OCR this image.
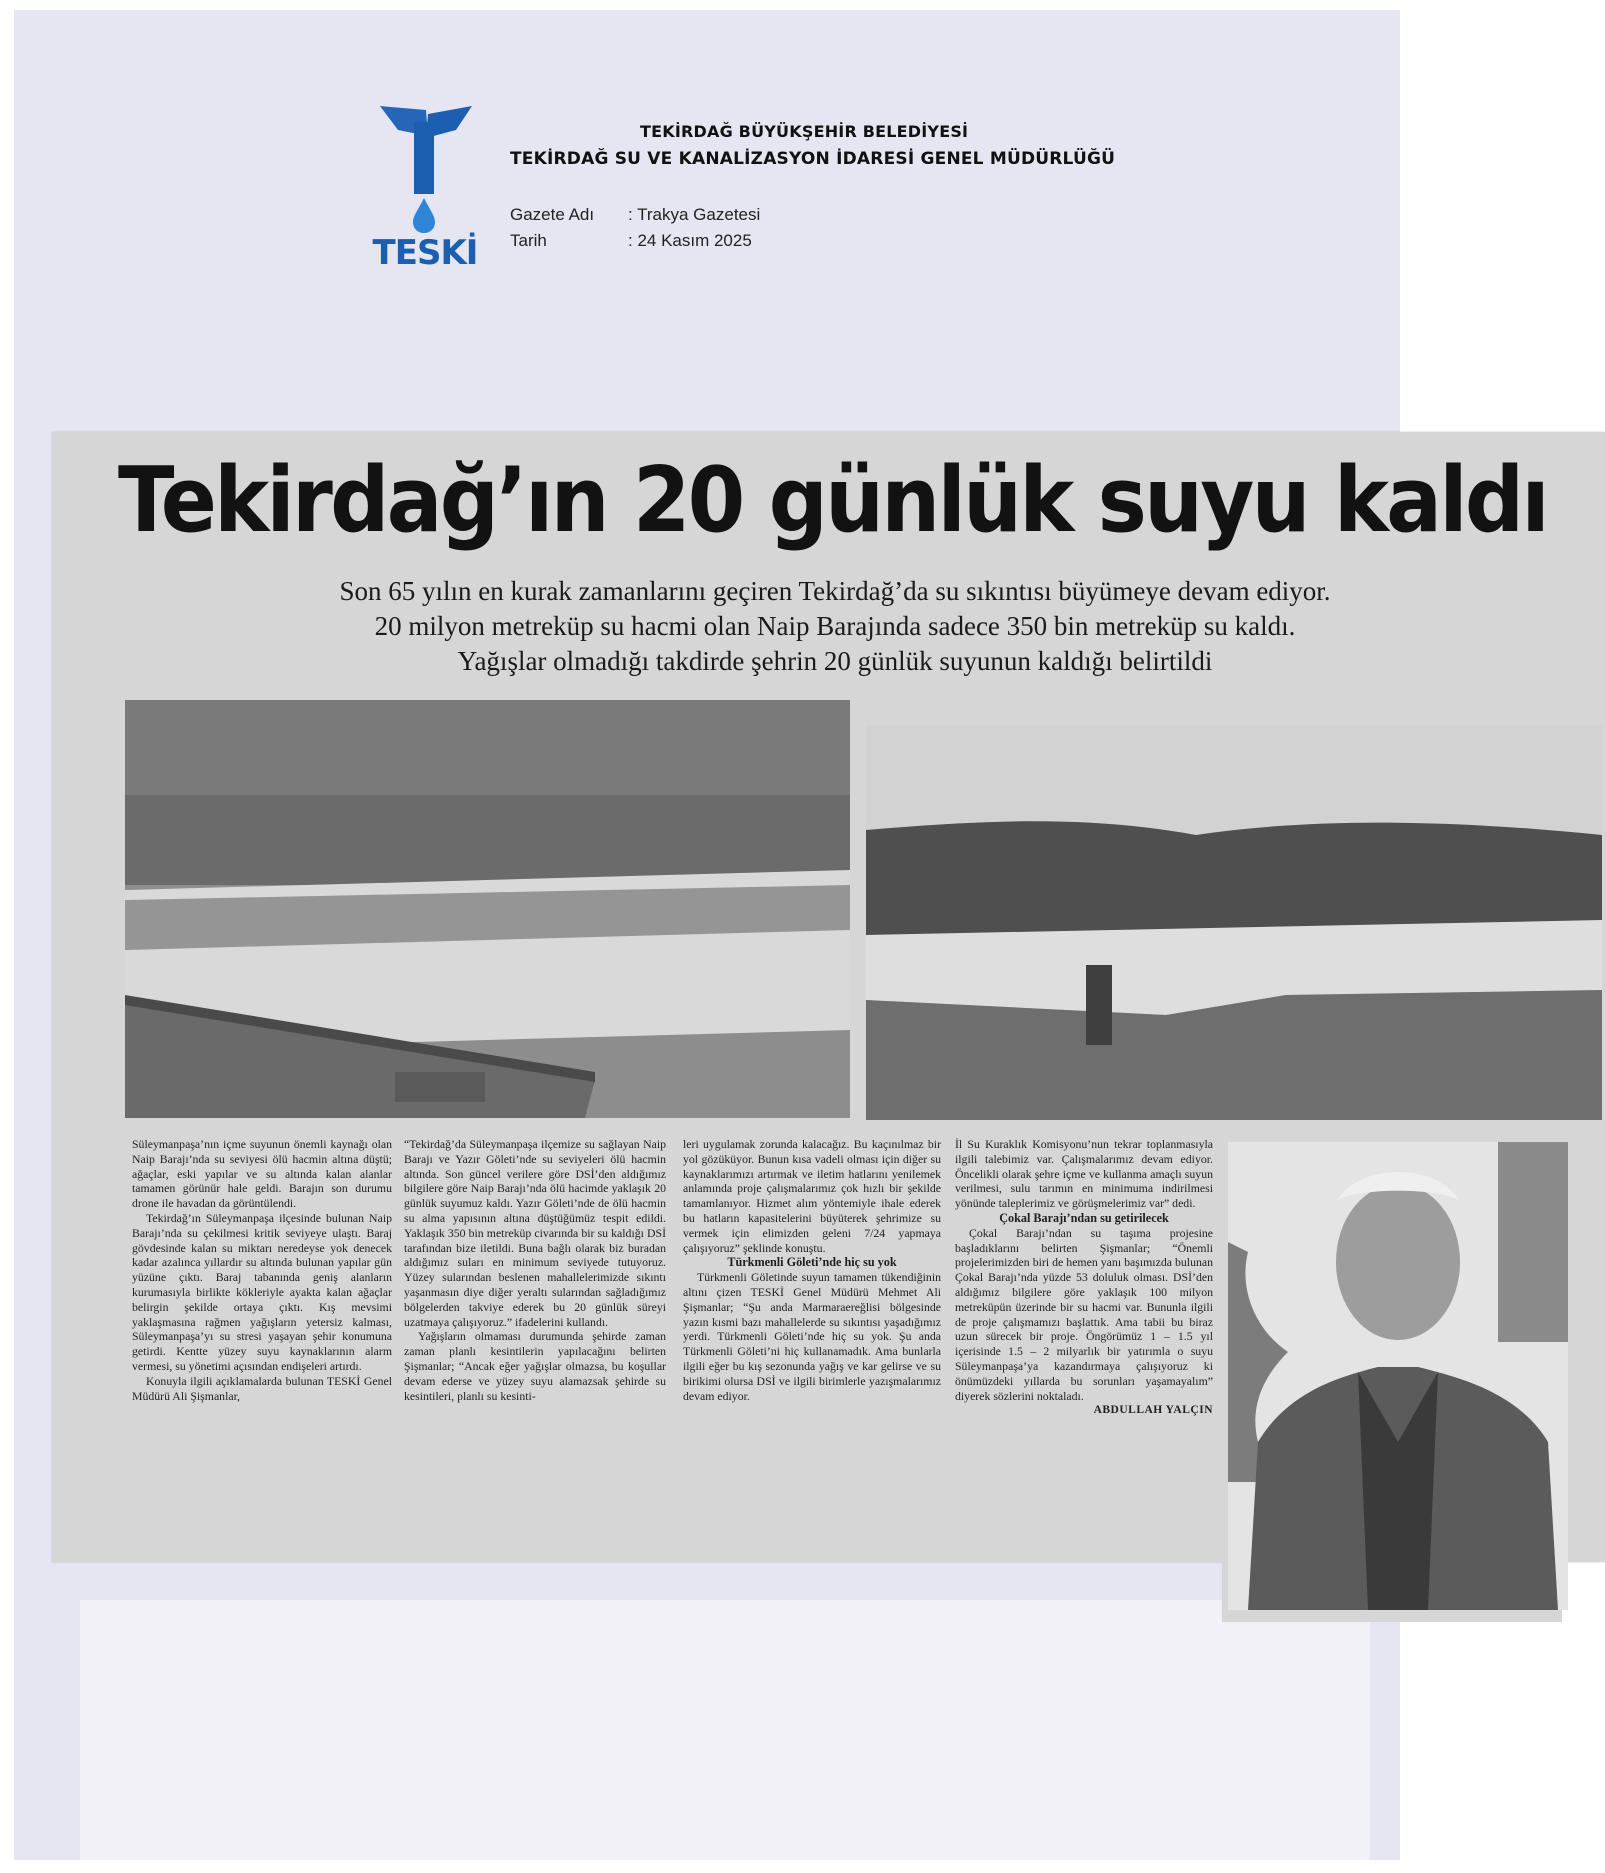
TESKİ
TEKİRDAĞ BÜYÜKŞEHİR BELEDİYESİ
TEKİRDAĞ SU VE KANALİZASYON İDARESİ GENEL MÜDÜRLÜĞÜ
Gazete Adı	: Trakya Gazetesi
Tarih	: 24 Kasım 2025
Tekirdağ’ın 20 günlük suyu kaldı
Son 65 yılın en kurak zamanlarını geçiren Tekirdağ’da su sıkıntısı büyümeye devam ediyor.
20 milyon metreküp su hacmi olan Naip Barajında sadece 350 bin metreküp su kaldı.
Yağışlar olmadığı takdirde şehrin 20 günlük suyunun kaldığı belirtildi

Süleymanpaşa’nın içme suyunun önemli kaynağı olan Naip Barajı’nda su seviyesi ölü hacmin altına düştü; ağaçlar, eski yapılar ve su altında kalan alanlar tamamen görünür hale geldi. Barajın son durumu drone ile havadan da görüntülendi.

Tekirdağ’ın Süleymanpaşa ilçesinde bulunan Naip Barajı’nda su çekilmesi kritik seviyeye ulaştı. Baraj gövdesinde kalan su miktarı neredeyse yok denecek kadar azalınca yıllardır su altında bulunan yapılar gün yüzüne çıktı. Baraj tabanında geniş alanların kurumasıyla birlikte kökleriyle ayakta kalan ağaçlar belirgin şekilde ortaya çıktı. Kış mevsimi yaklaşmasına rağmen yağışların yetersiz kalması, Süleymanpaşa’yı su stresi yaşayan şehir konumuna getirdi. Kentte yüzey suyu kaynaklarının alarm vermesi, su yönetimi açısından endişeleri artırdı.

Konuyla ilgili açıklamalarda bulunan TESKİ Genel Müdürü Ali Şişmanlar,

“Tekirdağ’da Süleymanpaşa ilçemize su sağlayan Naip Barajı ve Yazır Göleti’nde su seviyeleri ölü hacmin altında. Son güncel verilere göre DSİ’den aldığımız bilgilere göre Naip Barajı’nda ölü hacimde yaklaşık 20 günlük suyumuz kaldı. Yazır Göleti’nde de ölü hacmin su alma yapısının altına düştüğümüz tespit edildi. Yaklaşık 350 bin metreküp civarında bir su kaldığı DSİ tarafından bize iletildi. Buna bağlı olarak biz buradan aldığımız suları en minimum seviyede tutuyoruz. Yüzey sularından beslenen mahallelerimizde sıkıntı yaşanmasın diye diğer yeraltı sularından sağladığımız bölgelerden takviye ederek bu 20 günlük süreyi uzatmaya çalışıyoruz.” ifadelerini kullandı.

Yağışların olmaması durumunda şehirde zaman zaman planlı kesintilerin yapılacağını belirten Şişmanlar; “Ancak eğer yağışlar olmazsa, bu koşullar devam ederse ve yüzey suyu alamazsak şehirde su kesintileri, planlı su kesinti-

leri uygulamak zorunda kalacağız. Bu kaçınılmaz bir yol gözüküyor. Bunun kısa vadeli olması için diğer su kaynaklarımızı artırmak ve iletim hatlarını yenilemek anlamında proje çalışmalarımız çok hızlı bir şekilde tamamlanıyor. Hizmet alım yöntemiyle ihale ederek bu hatların kapasitelerini büyüterek şehrimize su vermek için elimizden geleni 7/24 yapmaya çalışıyoruz” şeklinde konuştu.

Türkmenli Göleti’nde hiç su yok

Türkmenli Göletinde suyun tamamen tükendiğinin altını çizen TESKİ Genel Müdürü Mehmet Ali Şişmanlar; “Şu anda Marmaraereğlisi bölgesinde yazın kısmi bazı mahallelerde su sıkıntısı yaşadığımız yerdi. Türkmenli Göleti’nde hiç su yok. Şu anda Türkmenli Göleti’ni hiç kullanamadık. Ama bunlarla ilgili eğer bu kış sezonunda yağış ve kar gelirse ve su birikimi olursa DSİ ve ilgili birimlerle yazışmalarımız devam ediyor.

İl Su Kuraklık Komisyonu’nun tekrar toplanmasıyla ilgili talebimiz var. Çalışmalarımız devam ediyor. Öncelikli olarak şehre içme ve kullanma amaçlı suyun verilmesi, sulu tarımın en minimuma indirilmesi yönünde taleplerimiz ve görüşmelerimiz var” dedi.

Çokal Barajı’ndan su getirilecek

Çokal Barajı’ndan su taşıma projesine başladıklarını belirten Şişmanlar; “Önemli projelerimizden biri de hemen yanı başımızda bulunan Çokal Barajı’nda yüzde 53 doluluk olması. DSİ’den aldığımız bilgilere göre yaklaşık 100 milyon metreküpün üzerinde bir su hacmi var. Bununla ilgili de proje çalışmamızı başlattık. Ama tabii bu biraz uzun sürecek bir proje. Öngörümüz 1 – 1.5 yıl içerisinde 1.5 – 2 milyarlık bir yatırımla o suyu Süleymanpaşa’ya kazandırmaya çalışıyoruz ki önümüzdeki yıllarda bu sorunları yaşamayalım” diyerek sözlerini noktaladı.

ABDULLAH YALÇIN
